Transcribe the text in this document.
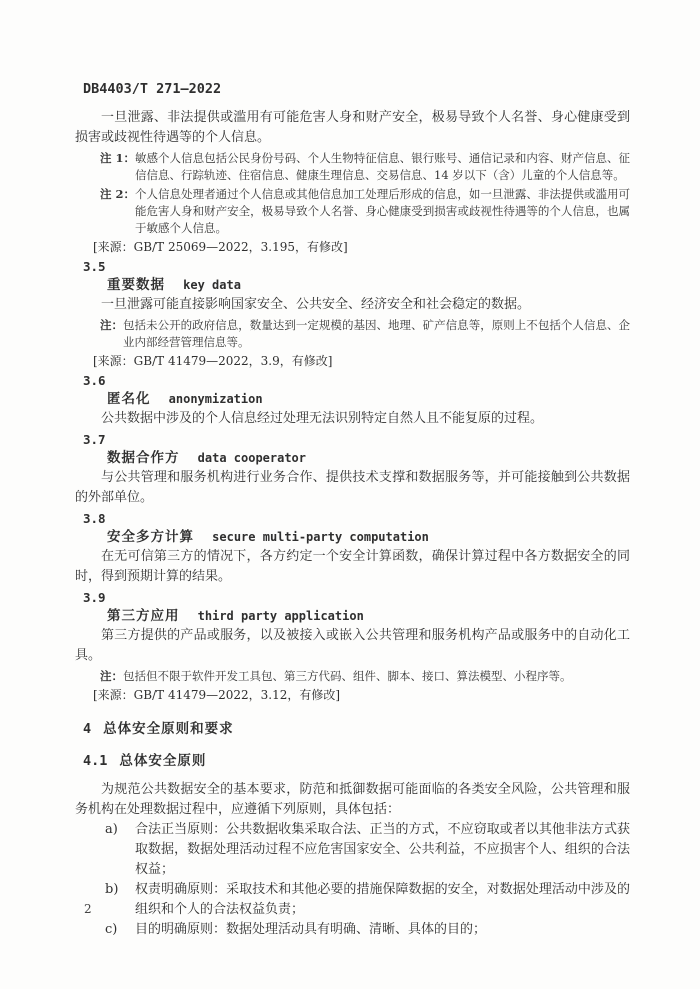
DB4403/T 271—2022

一旦泄露、非法提供或滥用有可能危害人身和财产安全，极易导致个人名誉、身心健康受到损害或歧视性待遇等的个人信息。

注 1： 敏感个人信息包括公民身份号码、个人生物特征信息、银行账号、通信记录和内容、财产信息、征信信息、行踪轨迹、住宿信息、健康生理信息、交易信息、14 岁以下（含）儿童的个人信息等。
注 2： 个人信息处理者通过个人信息或其他信息加工处理后形成的信息，如一旦泄露、非法提供或滥用可能危害人身和财产安全，极易导致个人名誉、身心健康受到损害或歧视性待遇等的个人信息，也属于敏感个人信息。
[来源：GB/T 25069—2022，3.195，有修改]
3.5
重要数据 key data

一旦泄露可能直接影响国家安全、公共安全、经济安全和社会稳定的数据。

注： 包括未公开的政府信息，数量达到一定规模的基因、地理、矿产信息等，原则上不包括个人信息、企业内部经营管理信息等。
[来源：GB/T 41479—2022，3.9，有修改]
3.6
匿名化 anonymization

公共数据中涉及的个人信息经过处理无法识别特定自然人且不能复原的过程。

3.7
数据合作方 data cooperator

与公共管理和服务机构进行业务合作、提供技术支撑和数据服务等，并可能接触到公共数据的外部单位。

3.8
安全多方计算 secure multi-party computation

在无可信第三方的情况下，各方约定一个安全计算函数，确保计算过程中各方数据安全的同时，得到预期计算的结果。

3.9
第三方应用 third party application

第三方提供的产品或服务，以及被接入或嵌入公共管理和服务机构产品或服务中的自动化工具。

注： 包括但不限于软件开发工具包、第三方代码、组件、脚本、接口、算法模型、小程序等。
[来源：GB/T 41479—2022，3.12，有修改]
4 总体安全原则和要求
4.1 总体安全原则

为规范公共数据安全的基本要求，防范和抵御数据可能面临的各类安全风险，公共管理和服务机构在处理数据过程中，应遵循下列原则，具体包括：

a)	合法正当原则：公共数据收集采取合法、正当的方式，不应窃取或者以其他非法方式获取数据，数据处理活动过程不应危害国家安全、公共利益，不应损害个人、组织的合法权益；
b)	权责明确原则：采取技术和其他必要的措施保障数据的安全，对数据处理活动中涉及的组织和个人的合法权益负责；
c)	目的明确原则：数据处理活动具有明确、清晰、具体的目的；
2
